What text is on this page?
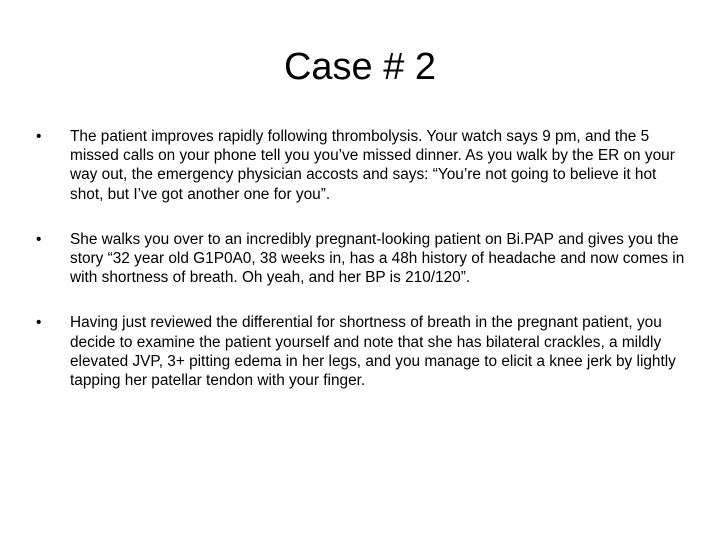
Case # 2
•	The patient improves rapidly following thrombolysis. Your watch says 9 pm, and the 5 missed calls on your phone tell you you’ve missed dinner. As you walk by the ER on your way out, the emergency physician accosts and says: “You’re not going to believe it hot shot, but I’ve got another one for you”.
•	She walks you over to an incredibly pregnant-looking patient on Bi.PAP and gives you the story “32 year old G1P0A0, 38 weeks in, has a 48h history of headache and now comes in with shortness of breath. Oh yeah, and her BP is 210/120”.
•	Having just reviewed the differential for shortness of breath in the pregnant patient, you decide to examine the patient yourself and note that she has bilateral crackles, a mildly elevated JVP, 3+ pitting edema in her legs, and you manage to elicit a knee jerk by lightly tapping her patellar tendon with your finger.
